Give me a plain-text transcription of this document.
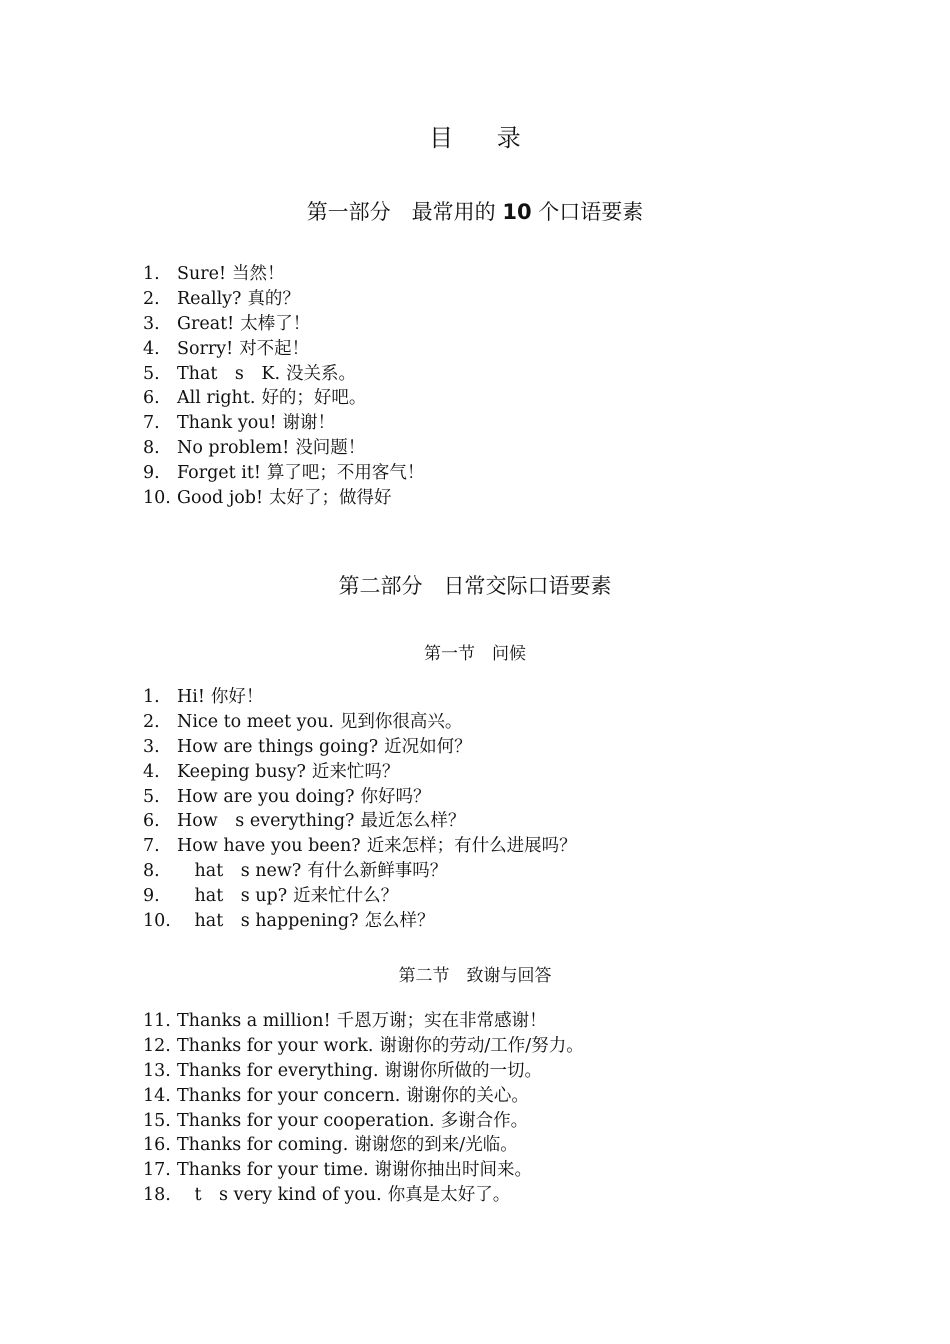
目 录
第一部分　最常用的 10 个口语要素
1. Sure! 当然！
2. Really? 真的？
3. Great! 太棒了！
4. Sorry! 对不起！
5. That　s　K. 没关系。
6. All right. 好的；好吧。
7. Thank you! 谢谢！
8. No problem! 没问题！
9. Forget it! 算了吧；不用客气！
10. Good job! 太好了；做得好
第二部分　日常交际口语要素
第一节　问候
1. Hi! 你好！
2. Nice to meet you. 见到你很高兴。
3. How are things going? 近况如何？
4. Keeping busy? 近来忙吗？
5. How are you doing? 你好吗？
6. How　s everything? 最近怎么样？
7. How have you been? 近来怎样；有什么进展吗？
8.　hat　s new? 有什么新鲜事吗？
9.　hat　s up? 近来忙什么？
10.　hat　s happening? 怎么样？
第二节　致谢与回答
11. Thanks a million! 千恩万谢；实在非常感谢！
12. Thanks for your work. 谢谢你的劳动/工作/努力。
13. Thanks for everything. 谢谢你所做的一切。
14. Thanks for your concern. 谢谢你的关心。
15. Thanks for your cooperation. 多谢合作。
16. Thanks for coming. 谢谢您的到来/光临。
17. Thanks for your time. 谢谢你抽出时间来。
18.　t　s very kind of you. 你真是太好了。
